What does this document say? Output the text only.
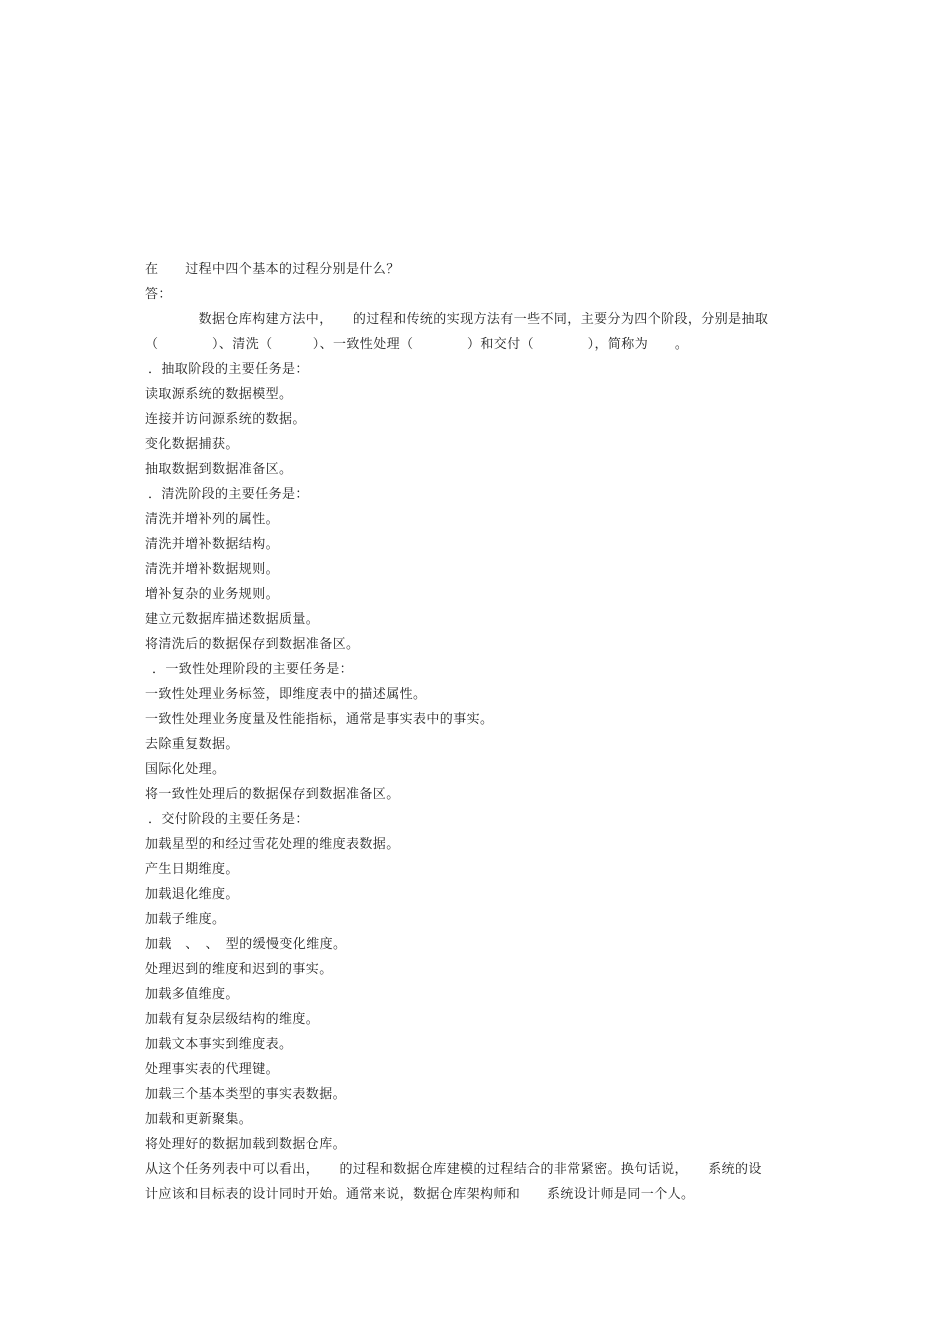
在　　过程中四个基本的过程分别是什么？
答：
　　　　数据仓库构建方法中，　　的过程和传统的实现方法有一些不同，主要分为四个阶段，分别是抽取
（　　　　）、清洗（　　　）、一致性处理（　　　　）和交付（　　　　），简称为　　。
．抽取阶段的主要任务是：
读取源系统的数据模型。
连接并访问源系统的数据。
变化数据捕获。
抽取数据到数据准备区。
．清洗阶段的主要任务是：
清洗并增补列的属性。
清洗并增补数据结构。
清洗并增补数据规则。
增补复杂的业务规则。
建立元数据库描述数据质量。
将清洗后的数据保存到数据准备区。
．一致性处理阶段的主要任务是：
一致性处理业务标签，即维度表中的描述属性。
一致性处理业务度量及性能指标，通常是事实表中的事实。
去除重复数据。
国际化处理。
将一致性处理后的数据保存到数据准备区。
．交付阶段的主要任务是：
加载星型的和经过雪花处理的维度表数据。
产生日期维度。
加载退化维度。
加载子维度。
加载　、　、　型的缓慢变化维度。
处理迟到的维度和迟到的事实。
加载多值维度。
加载有复杂层级结构的维度。
加载文本事实到维度表。
处理事实表的代理键。
加载三个基本类型的事实表数据。
加载和更新聚集。
将处理好的数据加载到数据仓库。
从这个任务列表中可以看出，　　的过程和数据仓库建模的过程结合的非常紧密。换句话说，　　系统的设
计应该和目标表的设计同时开始。通常来说，数据仓库架构师和　　系统设计师是同一个人。
